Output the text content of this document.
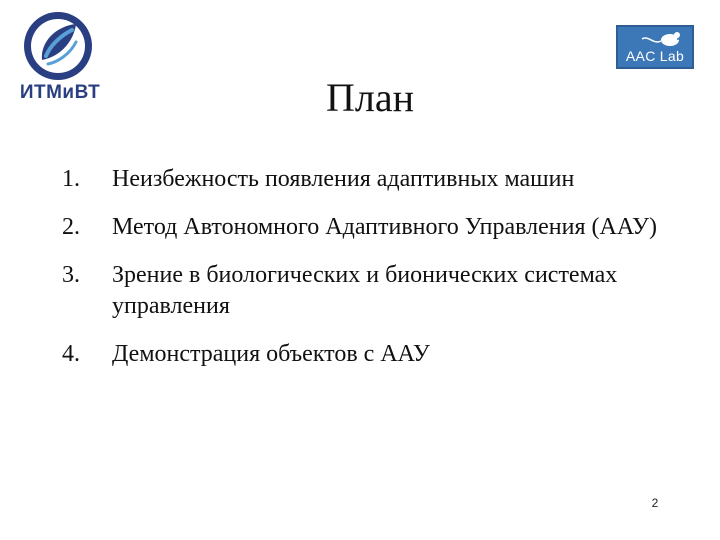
ИТМиВТ
AAC Lab
План
1. Неизбежность появления адаптивных машин
2. Метод Автономного Адаптивного Управления (ААУ)
3. Зрение в биологических и бионических системах управления
4. Демонстрация объектов с ААУ
2
